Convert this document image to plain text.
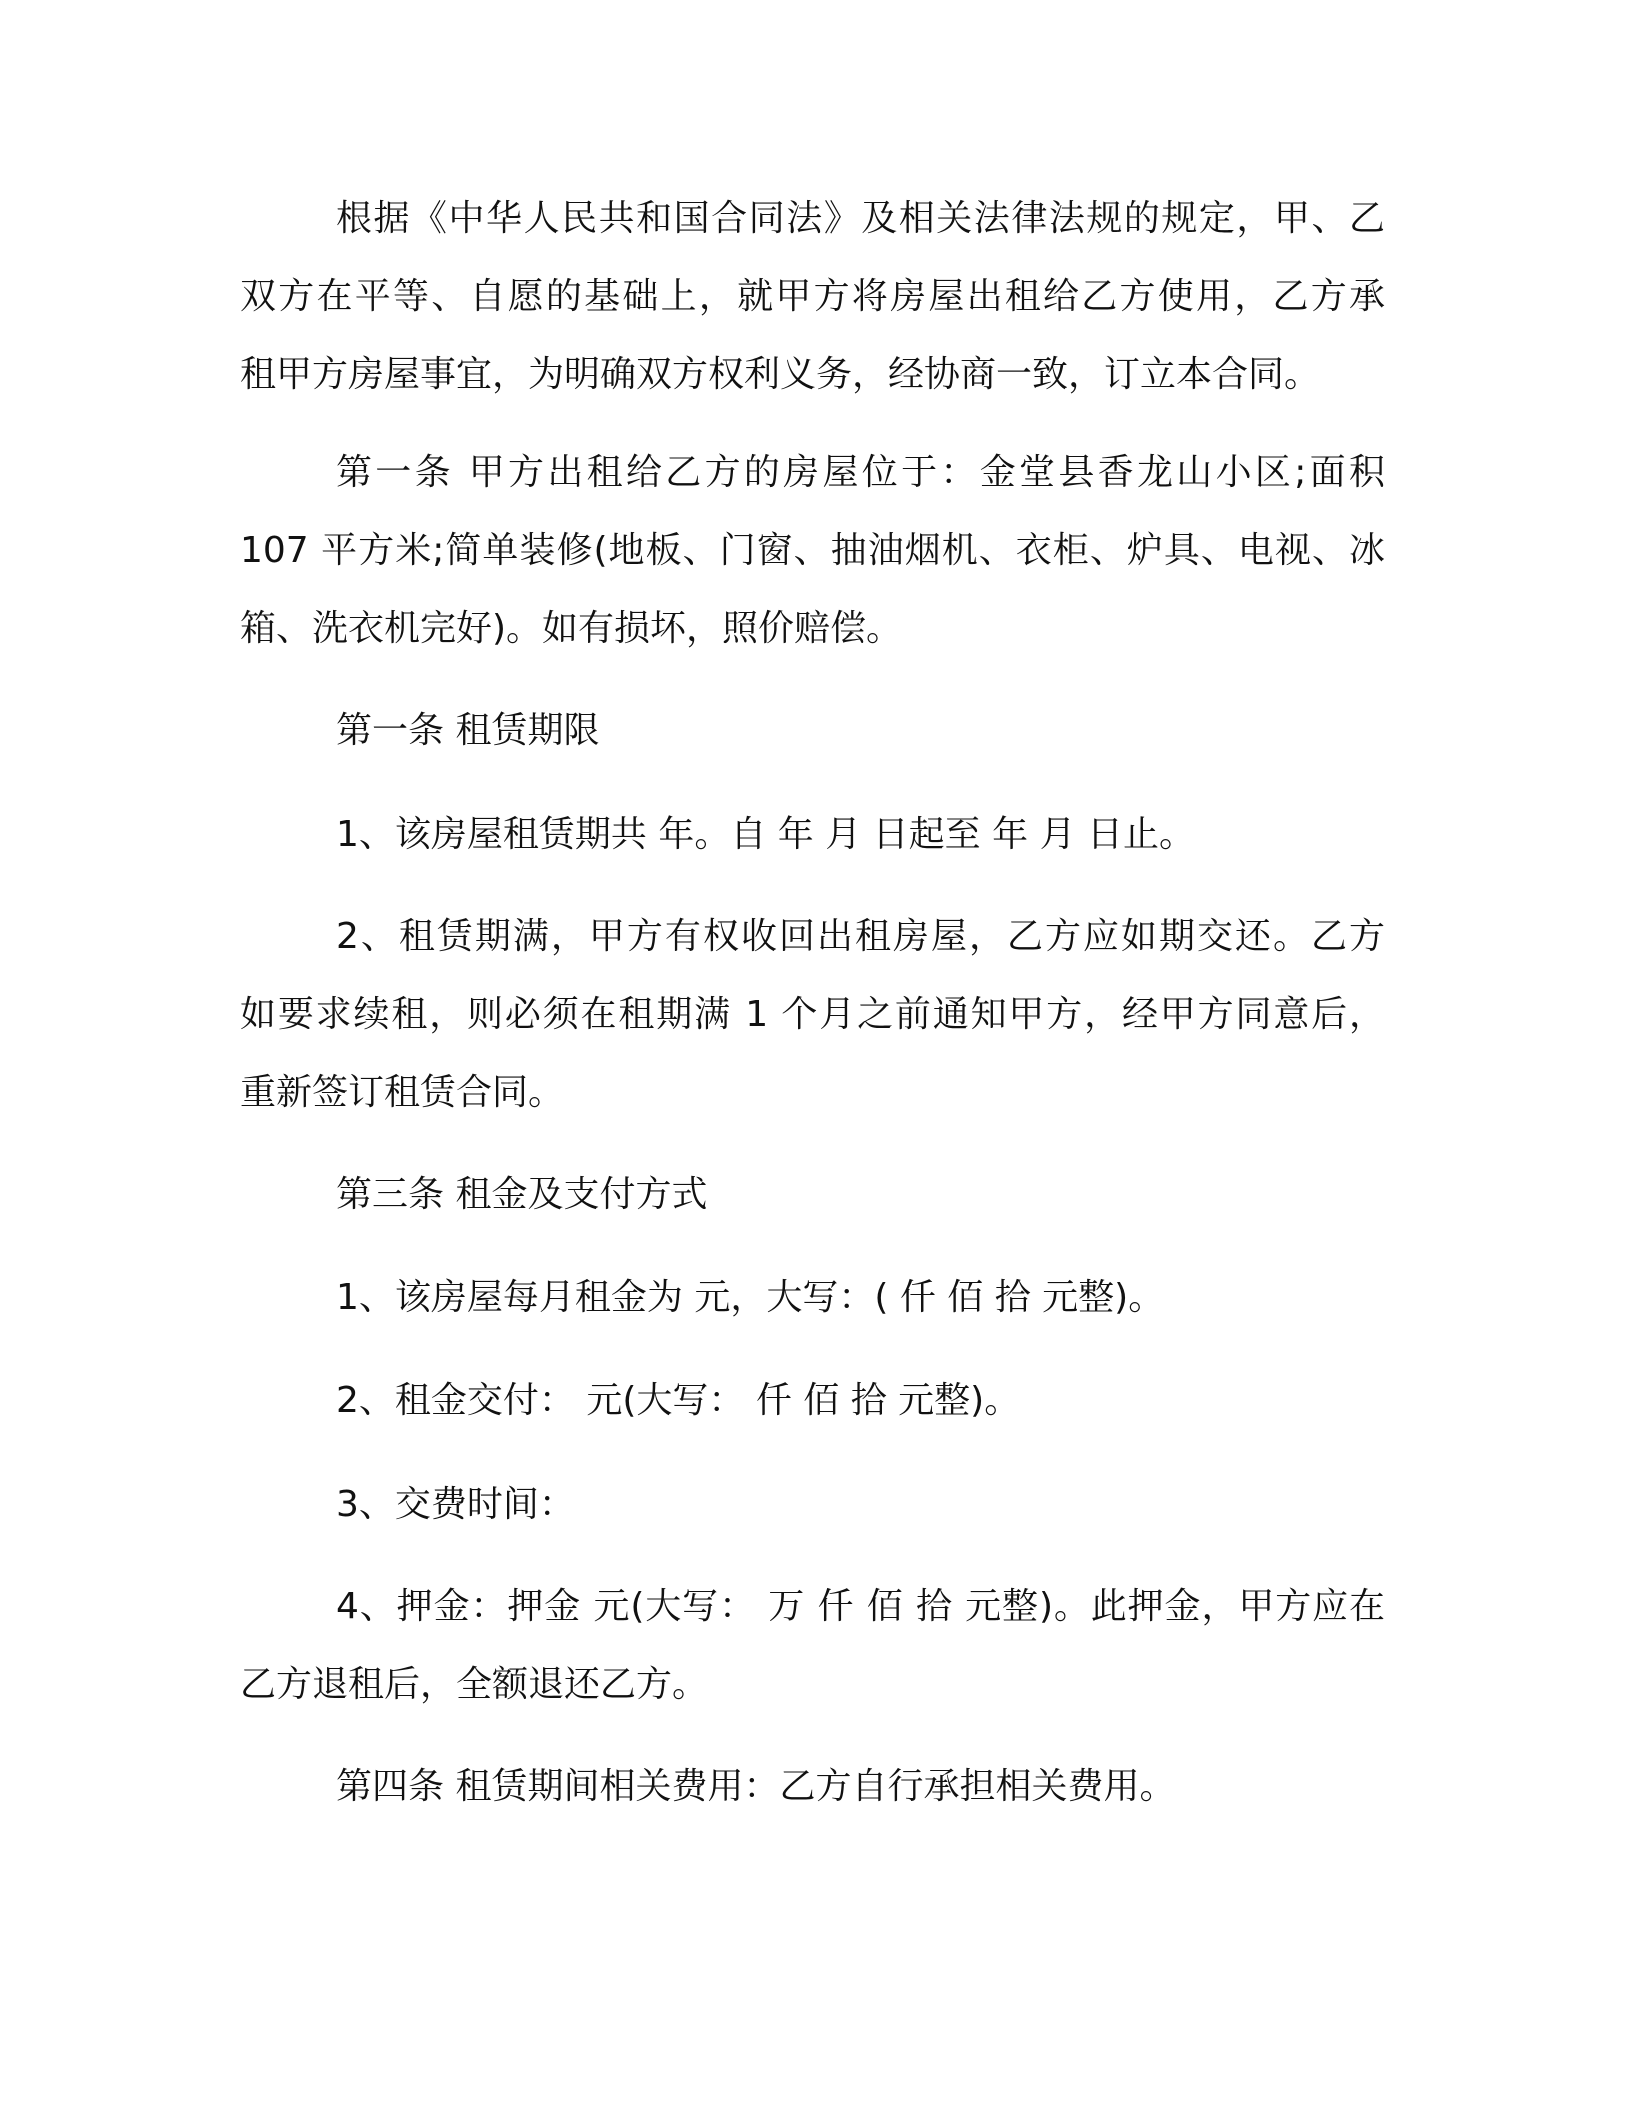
根据《中华人民共和国合同法》及相关法律法规的规定，甲、乙
双方在平等、自愿的基础上，就甲方将房屋出租给乙方使用，乙方承
租甲方房屋事宜，为明确双方权利义务，经协商一致，订立本合同。

第一条 甲方出租给乙方的房屋位于：金堂县香龙山小区;面积
107 平方米;简单装修(地板、门窗、抽油烟机、衣柜、炉具、电视、冰
箱、洗衣机完好)。如有损坏，照价赔偿。

第一条 租赁期限

1、该房屋租赁期共 年。自 年 月 日起至 年 月 日止。

2、租赁期满，甲方有权收回出租房屋，乙方应如期交还。乙方
如要求续租，则必须在租期满 1 个月之前通知甲方，经甲方同意后，
重新签订租赁合同。

第三条 租金及支付方式

1、该房屋每月租金为 元，大写：( 仟 佰 拾 元整)。

2、租金交付： 元(大写： 仟 佰 拾 元整)。

3、交费时间：

4、押金：押金 元(大写： 万 仟 佰 拾 元整)。此押金，甲方应在
乙方退租后，全额退还乙方。

第四条 租赁期间相关费用：乙方自行承担相关费用。
